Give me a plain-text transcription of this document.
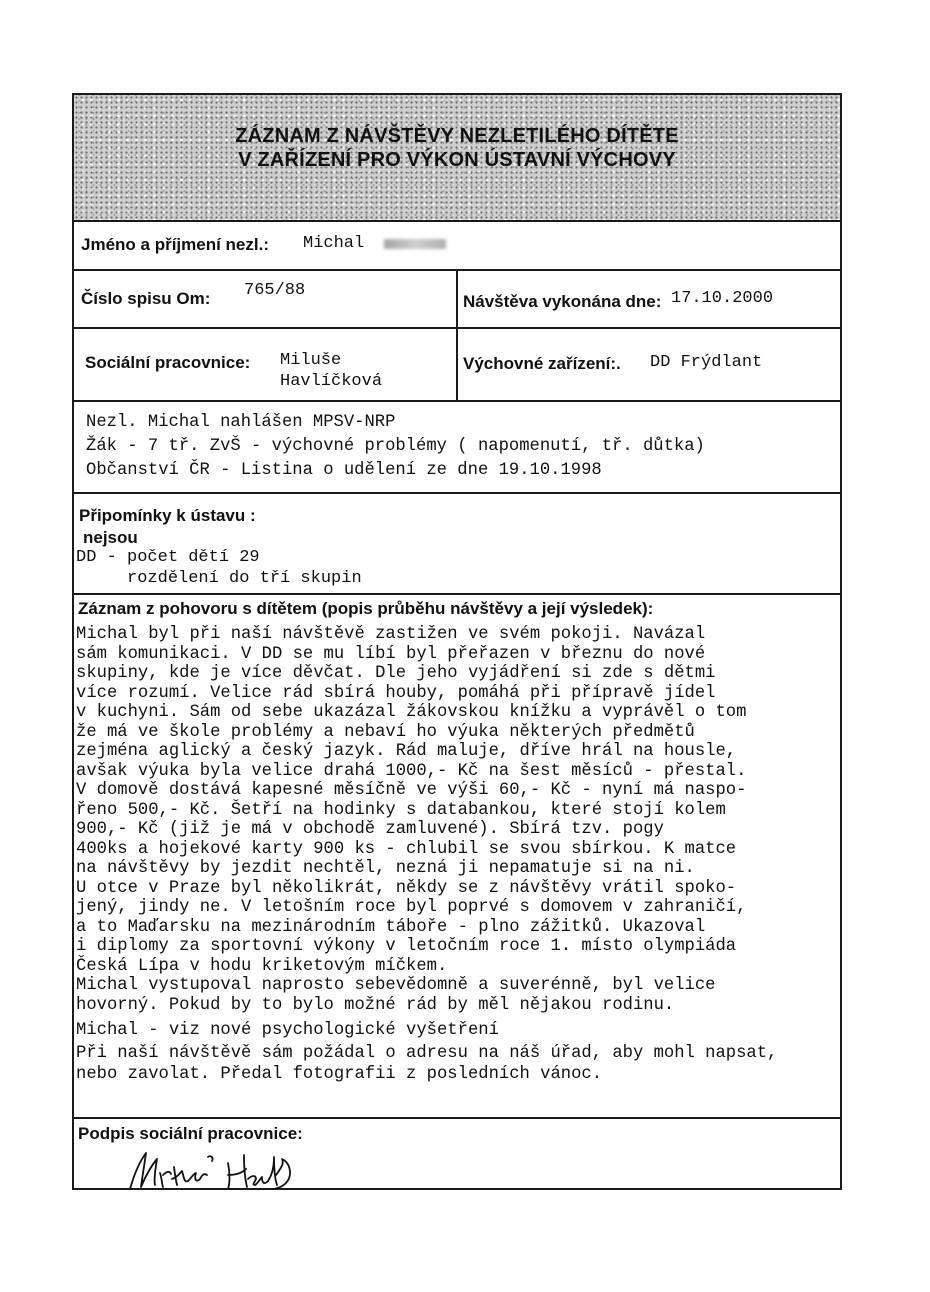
ZÁZNAM Z NÁVŠTĚVY NEZLETILÉHO DÍTĚTE
V ZAŘÍZENÍ PRO VÝKON ÚSTAVNÍ VÝCHOVY
Jméno a příjmení nezl.: Michal
Číslo spisu Om: 765/88
Návštěva vykonána dne: 17.10.2000
Sociální pracovnice: Miluše
Havlíčková
Výchovné zařízení:. DD Frýdlant
Nezl. Michal nahlášen MPSV-NRP
Žák - 7 tř. ZvŠ - výchovné problémy ( napomenutí, tř. důtka)
Občanství ČR - Listina o udělení ze dne 19.10.1998
Připomínky k ústavu :
nejsou
DD - počet dětí 29
rozdělení do tří skupin
Záznam z pohovoru s dítětem (popis průběhu návštěvy a její výsledek):
Michal byl při naší návštěvě zastižen ve svém pokoji. Navázal
sám komunikaci. V DD se mu líbí byl přeřazen v březnu do nové
skupiny, kde je více děvčat. Dle jeho vyjádření si zde s dětmi
více rozumí. Velice rád sbírá houby, pomáhá při přípravě jídel
v kuchyni. Sám od sebe ukazázal žákovskou knížku a vyprávěl o tom
že má ve škole problémy a nebaví ho výuka některých předmětů
zejména aglický a český jazyk. Rád maluje, dříve hrál na housle,
avšak výuka byla velice drahá 1000,- Kč na šest měsíců - přestal.
V domově dostává kapesné měsíčně ve výši 60,- Kč - nyní má naspo-
řeno 500,- Kč. Šetří na hodinky s databankou, které stojí kolem
900,- Kč (již je má v obchodě zamluvené). Sbírá tzv. pogy
400ks a hojekové karty 900 ks - chlubil se svou sbírkou. K matce
na návštěvy by jezdit nechtěl, nezná ji nepamatuje si na ni.
U otce v Praze byl několikrát, někdy se z návštěvy vrátil spoko-
jený, jindy ne. V letošním roce byl poprvé s domovem v zahraničí,
a to Maďarsku na mezinárodním táboře - plno zážitků. Ukazoval
i diplomy za sportovní výkony v letočním roce 1. místo olympiáda
Česká Lípa v hodu kriketovým míčkem.
Michal vystupoval naprosto sebevědomně a suverénně, byl velice
hovorný. Pokud by to bylo možné rád by měl nějakou rodinu.
Michal - viz nové psychologické vyšetření
Při naší návštěvě sám požádal o adresu na náš úřad, aby mohl napsat,
nebo zavolat. Předal fotografii z posledních vánoc.
Podpis sociální pracovnice:
